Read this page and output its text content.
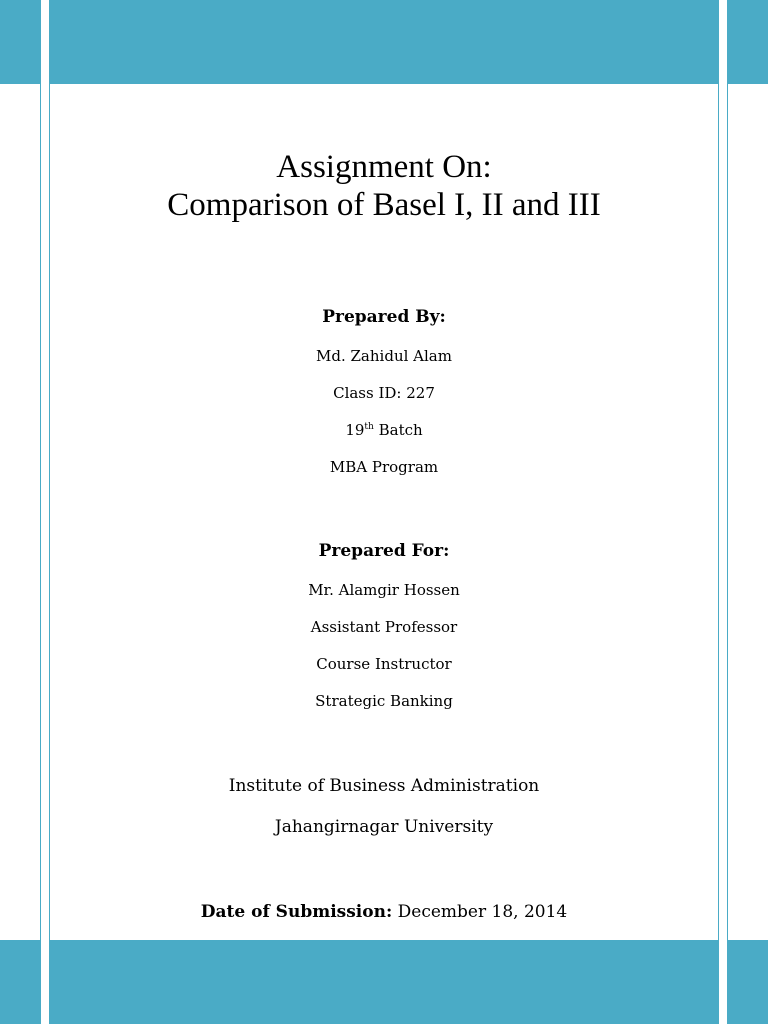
Assignment On:
Comparison of Basel I, II and III
Prepared By:
Md. Zahidul Alam
Class ID: 227
19th Batch
MBA Program
Prepared For:
Mr. Alamgir Hossen
Assistant Professor
Course Instructor
Strategic Banking
Institute of Business Administration
Jahangirnagar University
Date of Submission: December 18, 2014
